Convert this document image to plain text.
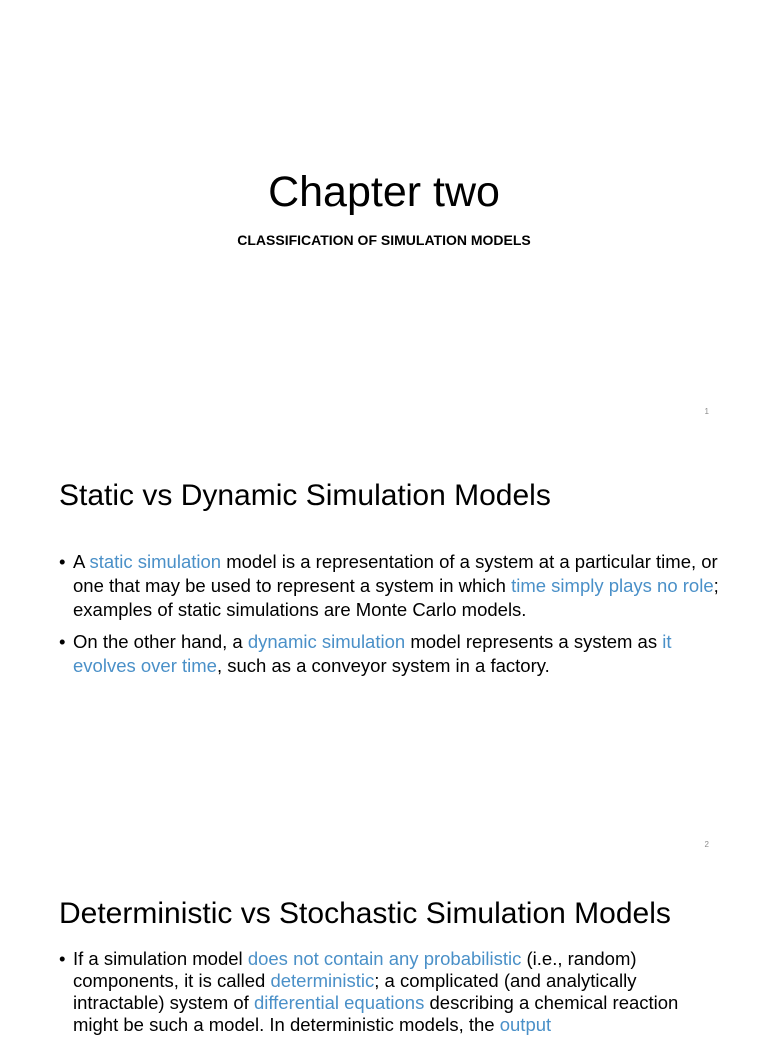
Chapter two
CLASSIFICATION OF SIMULATION MODELS
1
Static vs Dynamic Simulation Models
• A static simulation model is a representation of a system at a particular time, or one that may be used to represent a system in which time simply plays no role; examples of static simulations are Monte Carlo models.
• On the other hand, a dynamic simulation model represents a system as it evolves over time, such as a conveyor system in a factory.
2
Deterministic vs Stochastic Simulation Models
• If a simulation model does not contain any probabilistic (i.e., random) components, it is called deterministic; a complicated (and analytically intractable) system of differential equations describing a chemical reaction might be such a model. In deterministic models, the output
